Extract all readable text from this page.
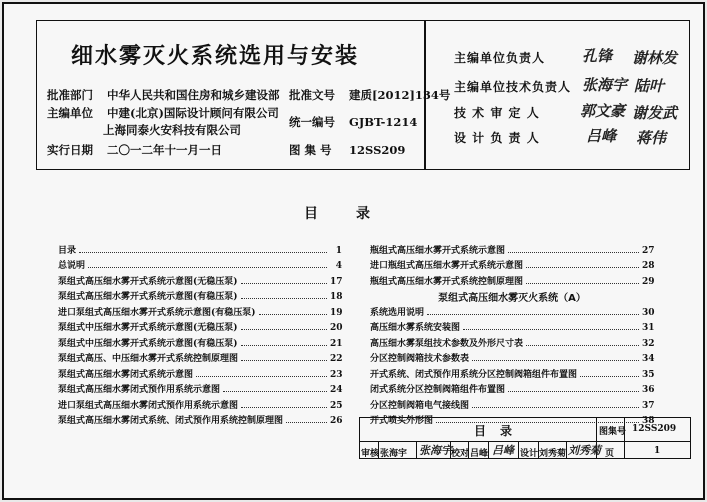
细水雾灭火系统选用与安装
批准部门 中华人民共和国住房和城乡建设部
主编单位 中建(北京)国际设计顾问有限公司
上海同泰火安科技有限公司
实行日期 二〇一二年十一月一日
批准文号 建质[2012]134号
统一编号 GJBT-1214
图 集 号 12SS209
主编单位负责人	孔锋 谢林发
主编单位技术负责人 张海宇 陆叶
技 术 审 定 人	郭文豪 谢发武
设 计 负 责 人	吕峰 蒋伟
目录
目录	1
总说明	4
泵组式高压细水雾开式系统示意图(无稳压泵)	17
泵组式高压细水雾开式系统示意图(有稳压泵)	18
进口泵组式高压细水雾开式系统示意图(有稳压泵)	19
泵组式中压细水雾开式系统示意图(无稳压泵)	20
泵组式中压细水雾开式系统示意图(有稳压泵)	21
泵组式高压、中压细水雾开式系统控制原理图	22
泵组式高压细水雾闭式系统示意图	23
泵组式高压细水雾闭式预作用系统示意图	24
进口泵组式高压细水雾闭式预作用系统示意图	25
泵组式高压细水雾闭式系统、闭式预作用系统控制原理图	26
瓶组式高压细水雾开式系统示意图	27
进口瓶组式高压细水雾开式系统示意图	28
瓶组式高压细水雾开式系统控制原理图	29
泵组式高压细水雾灭火系统（A）
系统选用说明	30
高压细水雾系统安装图	31
高压细水雾泵组技术参数及外形尺寸表	32
分区控制阀箱技术参数表	34
开式系统、闭式预作用系统分区控制阀箱组件布置图	35
闭式系统分区控制阀箱组件布置图	36
分区控制阀箱电气接线图	37
开式喷头外形图	38
目录	图集号 12SS209
审核 张海宇 张海宇 校对 吕峰 吕峰 设计 刘秀菊 刘秀菊 页	1
